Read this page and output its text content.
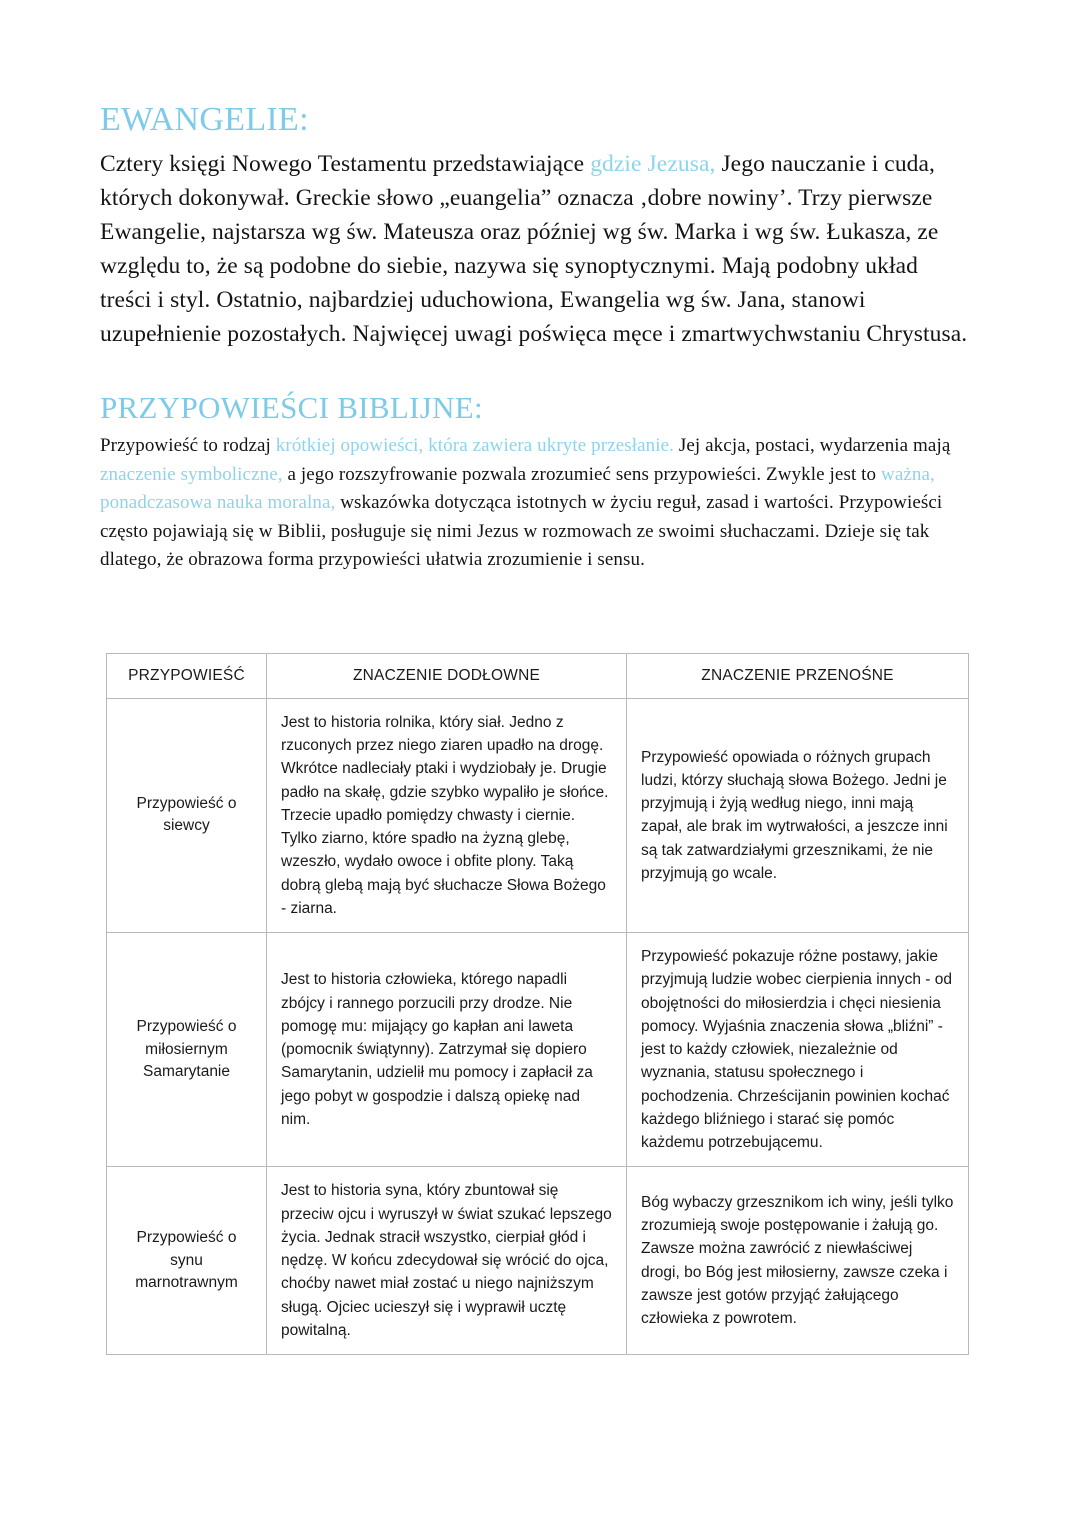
EWANGELIE:

Cztery księgi Nowego Testamentu przedstawiające gdzie Jezusa, Jego nauczanie i cuda, których dokonywał. Greckie słowo „euangelia” oznacza ‚dobre nowiny’. Trzy pierwsze Ewangelie, najstarsza wg św. Mateusza oraz później wg św. Marka i wg św. Łukasza, ze względu to, że są podobne do siebie, nazywa się synoptycznymi. Mają podobny układ treści i styl. Ostatnio, najbardziej uduchowiona, Ewangelia wg św. Jana, stanowi uzupełnienie pozostałych. Najwięcej uwagi poświęca męce i zmartwychwstaniu Chrystusa.

PRZYPOWIEŚCI BIBLIJNE:

Przypowieść to rodzaj krótkiej opowieści, która zawiera ukryte przesłanie. Jej akcja, postaci, wydarzenia mają znaczenie symboliczne, a jego rozszyfrowanie pozwala zrozumieć sens przypowieści. Zwykle jest to ważna, ponadczasowa nauka moralna, wskazówka dotycząca istotnych w życiu reguł, zasad i wartości. Przypowieści często pojawiają się w Biblii, posługuje się nimi Jezus w rozmowach ze swoimi słuchaczami. Dzieje się tak dlatego, że obrazowa forma przypowieści ułatwia zrozumienie i sensu.

PRZYPOWIEŚĆ	ZNACZENIE DODŁOWNE	ZNACZENIE PRZENOŚNE
Przypowieść o siewcy	Jest to historia rolnika, który siał. Jedno z rzuconych przez niego ziaren upadło na drogę. Wkrótce nadleciały ptaki i wydziobały je. Drugie padło na skałę, gdzie szybko wypaliło je słońce. Trzecie upadło pomiędzy chwasty i ciernie. Tylko ziarno, które spadło na żyzną glebę, wzeszło, wydało owoce i obfite plony. Taką dobrą glebą mają być słuchacze Słowa Bożego - ziarna.	Przypowieść opowiada o różnych grupach ludzi, którzy słuchają słowa Bożego. Jedni je przyjmują i żyją według niego, inni mają zapał, ale brak im wytrwałości, a jeszcze inni są tak zatwardziałymi grzesznikami, że nie przyjmują go wcale.
Przypowieść o miłosiernym Samarytanie	Jest to historia człowieka, którego napadli zbójcy i rannego porzucili przy drodze. Nie pomogę mu: mijający go kapłan ani laweta (pomocnik świątynny). Zatrzymał się dopiero Samarytanin, udzielił mu pomocy i zapłacił za jego pobyt w gospodzie i dalszą opiekę nad nim.	Przypowieść pokazuje różne postawy, jakie przyjmują ludzie wobec cierpienia innych - od obojętności do miłosierdzia i chęci niesienia pomocy. Wyjaśnia znaczenia słowa „bliźni” - jest to każdy człowiek, niezależnie od wyznania, statusu społecznego i pochodzenia. Chrześcijanin powinien kochać każdego bliźniego i starać się pomóc każdemu potrzebującemu.
Przypowieść o synu marnotrawnym	Jest to historia syna, który zbuntował się przeciw ojcu i wyruszył w świat szukać lepszego życia. Jednak stracił wszystko, cierpiał głód i nędzę. W końcu zdecydował się wrócić do ojca, choćby nawet miał zostać u niego najniższym sługą. Ojciec ucieszył się i wyprawił ucztę powitalną.	Bóg wybaczy grzesznikom ich winy, jeśli tylko zrozumieją swoje postępowanie i żałują go. Zawsze można zawrócić z niewłaściwej drogi, bo Bóg jest miłosierny, zawsze czeka i zawsze jest gotów przyjąć żałującego człowieka z powrotem.
